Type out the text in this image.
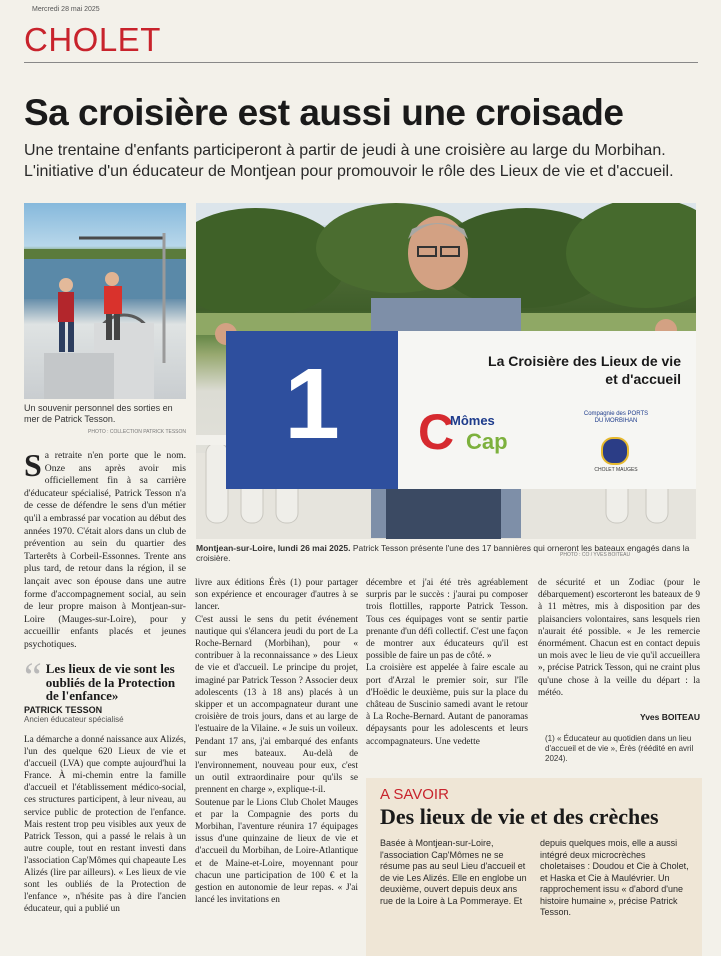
Mercredi 28 mai 2025
CHOLET
Sa croisière est aussi une croisade
Une trentaine d'enfants participeront à partir de jeudi à une croisière au large du Morbihan. L'initiative d'un éducateur de Montjean pour promouvoir le rôle des Lieux de vie et d'accueil.
Un souvenir personnel des sorties en mer de Patrick Tesson.
PHOTO : COLLECTION PATRICK TESSON 1	La Croisière des Lieux de vie
et d'accueil
C
Mômes
Cap
Compagnie des PORTS DU MORBIHAN
CHOLET MAUGES
Montjean-sur-Loire, lundi 26 mai 2025. Patrick Tesson présente l'une des 17 bannières qui orneront les bateaux engagés dans la croisière.	PHOTO : CO / YVES BOITEAU
S a retraite n'en porte que le nom. Onze ans après avoir mis officiellement fin à sa carrière d'éducateur spécialisé, Patrick Tesson n'a de cesse de défendre le sens d'un métier qu'il a embrassé par vocation au début des années 1970. C'était alors dans un club de prévention au sein du quartier des Tarterêts à Corbeil-Essonnes. Trente ans plus tard, de retour dans la région, il se lançait avec son épouse dans une autre forme d'accompagnement social, au sein de leur propre maison à Montjean-sur-Loire (Mauges-sur-Loire), pour y accueillir enfants placés et jeunes psychotiques.
“ Les lieux de vie sont les oubliés de la Protection de l'enfance»
PATRICK TESSON
Ancien éducateur spécialisé
La démarche a donné naissance aux Alizés, l'un des quelque 620 Lieux de vie et d'accueil (LVA) que compte aujourd'hui la France. À mi-chemin entre la famille d'accueil et l'établissement médico-social, ces structures participent, à leur niveau, au service public de protection de l'enfance. Mais restent trop peu visibles aux yeux de Patrick Tesson, qui a passé le relais à un autre couple, tout en restant investi dans l'association Cap'Mômes qui chapeaute Les Alizés (lire par ailleurs). « Les lieux de vie sont les oubliés de la Protection de l'enfance », n'hésite pas à dire l'ancien éducateur, qui a publié un

livre aux éditions Érès (1) pour partager son expérience et encourager d'autres à se lancer.

C'est aussi le sens du petit événement nautique qui s'élancera jeudi du port de La Roche-Bernard (Morbihan), pour « contribuer à la reconnaissance » des Lieux de vie et d'accueil. Le principe du projet, imaginé par Patrick Tesson ? Associer deux adolescents (13 à 18 ans) placés à un skipper et un accompagnateur durant une croisière de trois jours, dans et au large de l'estuaire de la Vilaine. « Je suis un voileux. Pendant 17 ans, j'ai embarqué des enfants sur mes bateaux. Au-delà de l'environnement, nouveau pour eux, c'est un outil extraordinaire pour qu'ils se prennent en charge », explique-t-il.

Soutenue par le Lions Club Cholet Mauges et par la Compagnie des ports du Morbihan, l'aventure réunira 17 équipages issus d'une quinzaine de lieux de vie et d'accueil du Morbihan, de Loire-Atlantique et de Maine-et-Loire, moyennant pour chacun une participation de 100 € et la gestion en autonomie de leur repas. « J'ai lancé les invitations en

décembre et j'ai été très agréablement surpris par le succès : j'aurai pu composer trois flottilles, rapporte Patrick Tesson. Tous ces équipages vont se sentir partie prenante d'un défi collectif. C'est une façon de montrer aux éducateurs qu'il est possible de faire un pas de côté. »

La croisière est appelée à faire escale au port d'Arzal le premier soir, sur l'île d'Hoëdic le deuxième, puis sur la place du château de Suscinio samedi avant le retour à La Roche-Bernard. Autant de panoramas dépaysants pour les adolescents et leurs accompagnateurs. Une vedette

de sécurité et un Zodiac (pour le débarquement) escorteront les bateaux de 9 à 11 mètres, mis à disposition par des plaisanciers volontaires, sans lesquels rien n'aurait été possible. « Je les remercie énormément. Chacun est en contact depuis un mois avec le lieu de vie qu'il accueillera », précise Patrick Tesson, qui ne craint plus qu'une chose à la veille du départ : la météo.

Yves BOITEAU
(1) « Éducateur au quotidien dans un lieu d'accueil et de vie », Érès (réédité en avril 2024).
A SAVOIR
Des lieux de vie et des crèches
Basée à Montjean-sur-Loire, l'association Cap'Mômes ne se résume pas au seul Lieu d'accueil et de vie Les Alizés. Elle en englobe un deuxième, ouvert depuis deux ans rue de la Loire à La Pommeraye. Et
depuis quelques mois, elle a aussi intégré deux microcrèches choletaises : Doudou et Cie à Cholet, et Haska et Cie à Maulévrier. Un rapprochement issu « d'abord d'une histoire humaine », précise Patrick Tesson.
